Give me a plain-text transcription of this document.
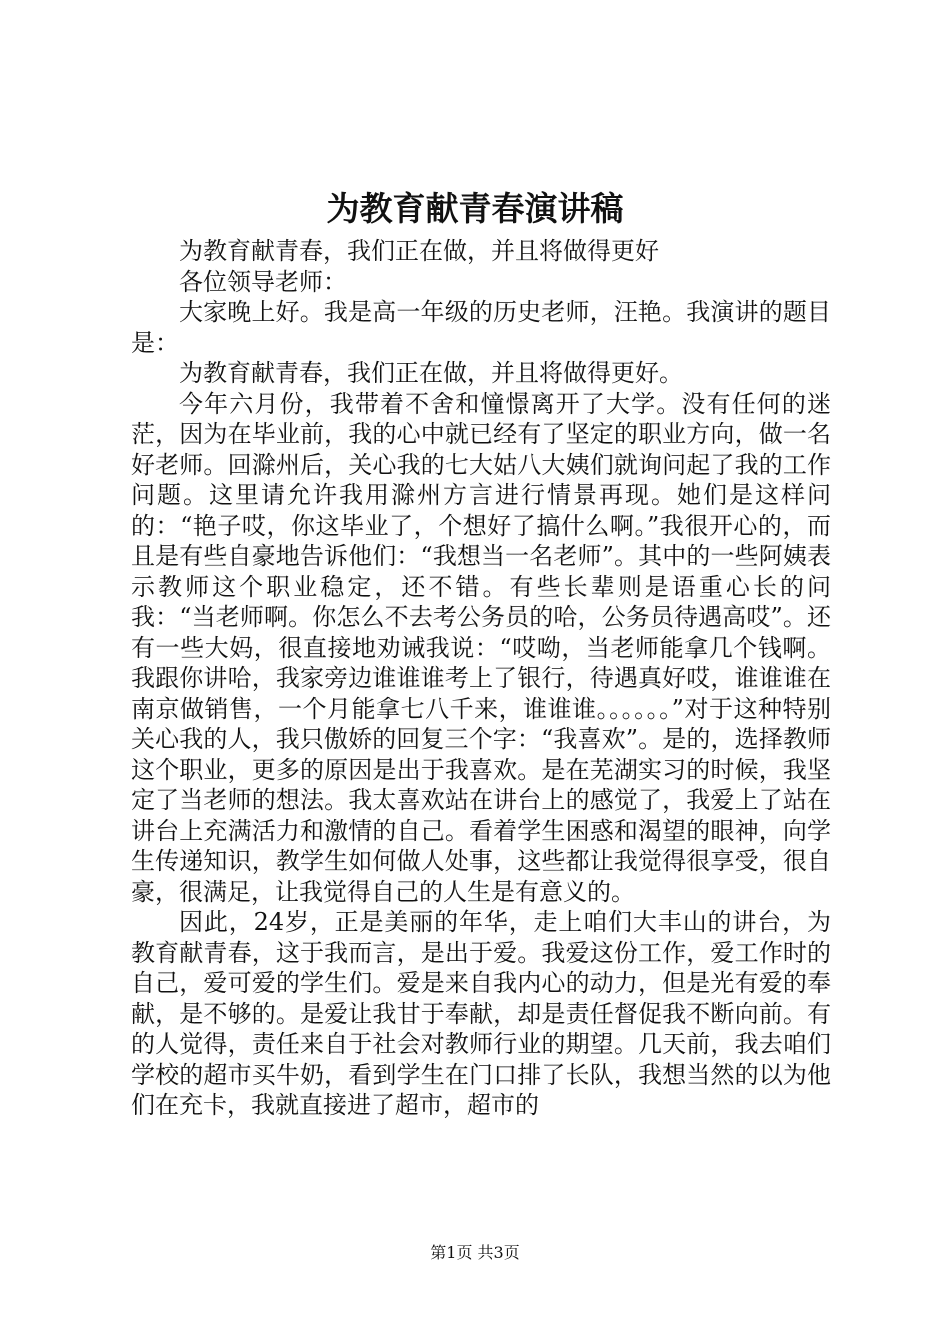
为教育献青春演讲稿

为教育献青春，我们正在做，并且将做得更好

各位领导老师：

大家晚上好。我是高一年级的历史老师，汪艳。我演讲的题目是：

为教育献青春，我们正在做，并且将做得更好。

今年六月份，我带着不舍和憧憬离开了大学。没有任何的迷茫，因为在毕业前，我的心中就已经有了坚定的职业方向，做一名好老师。回滁州后，关心我的七大姑八大姨们就询问起了我的工作问题。这里请允许我用滁州方言进行情景再现。她们是这样问的：“艳子哎，你这毕业了，个想好了搞什么啊。”我很开心的，而且是有些自豪地告诉他们：“我想当一名老师”。其中的一些阿姨表示教师这个职业稳定，还不错。有些长辈则是语重心长的问我：“当老师啊。你怎么不去考公务员的哈，公务员待遇高哎”。还有一些大妈，很直接地劝诫我说：“哎呦，当老师能拿几个钱啊。我跟你讲哈，我家旁边谁谁谁考上了银行，待遇真好哎，谁谁谁在南京做销售，一个月能拿七八千来，谁谁谁。。。。。。”对于这种特别关心我的人，我只傲娇的回复三个字：“我喜欢”。是的，选择教师这个职业，更多的原因是出于我喜欢。是在芜湖实习的时候，我坚定了当老师的想法。我太喜欢站在讲台上的感觉了，我爱上了站在讲台上充满活力和激情的自己。看着学生困惑和渴望的眼神，向学生传递知识，教学生如何做人处事，这些都让我觉得很享受，很自豪，很满足，让我觉得自己的人生是有意义的。

因此，24岁，正是美丽的年华，走上咱们大丰山的讲台，为教育献青春，这于我而言，是出于爱。我爱这份工作，爱工作时的自己，爱可爱的学生们。爱是来自我内心的动力，但是光有爱的奉献，是不够的。是爱让我甘于奉献，却是责任督促我不断向前。有的人觉得，责任来自于社会对教师行业的期望。几天前，我去咱们学校的超市买牛奶，看到学生在门口排了长队，我想当然的以为他们在充卡，我就直接进了超市，超市的

第1页 共3页
